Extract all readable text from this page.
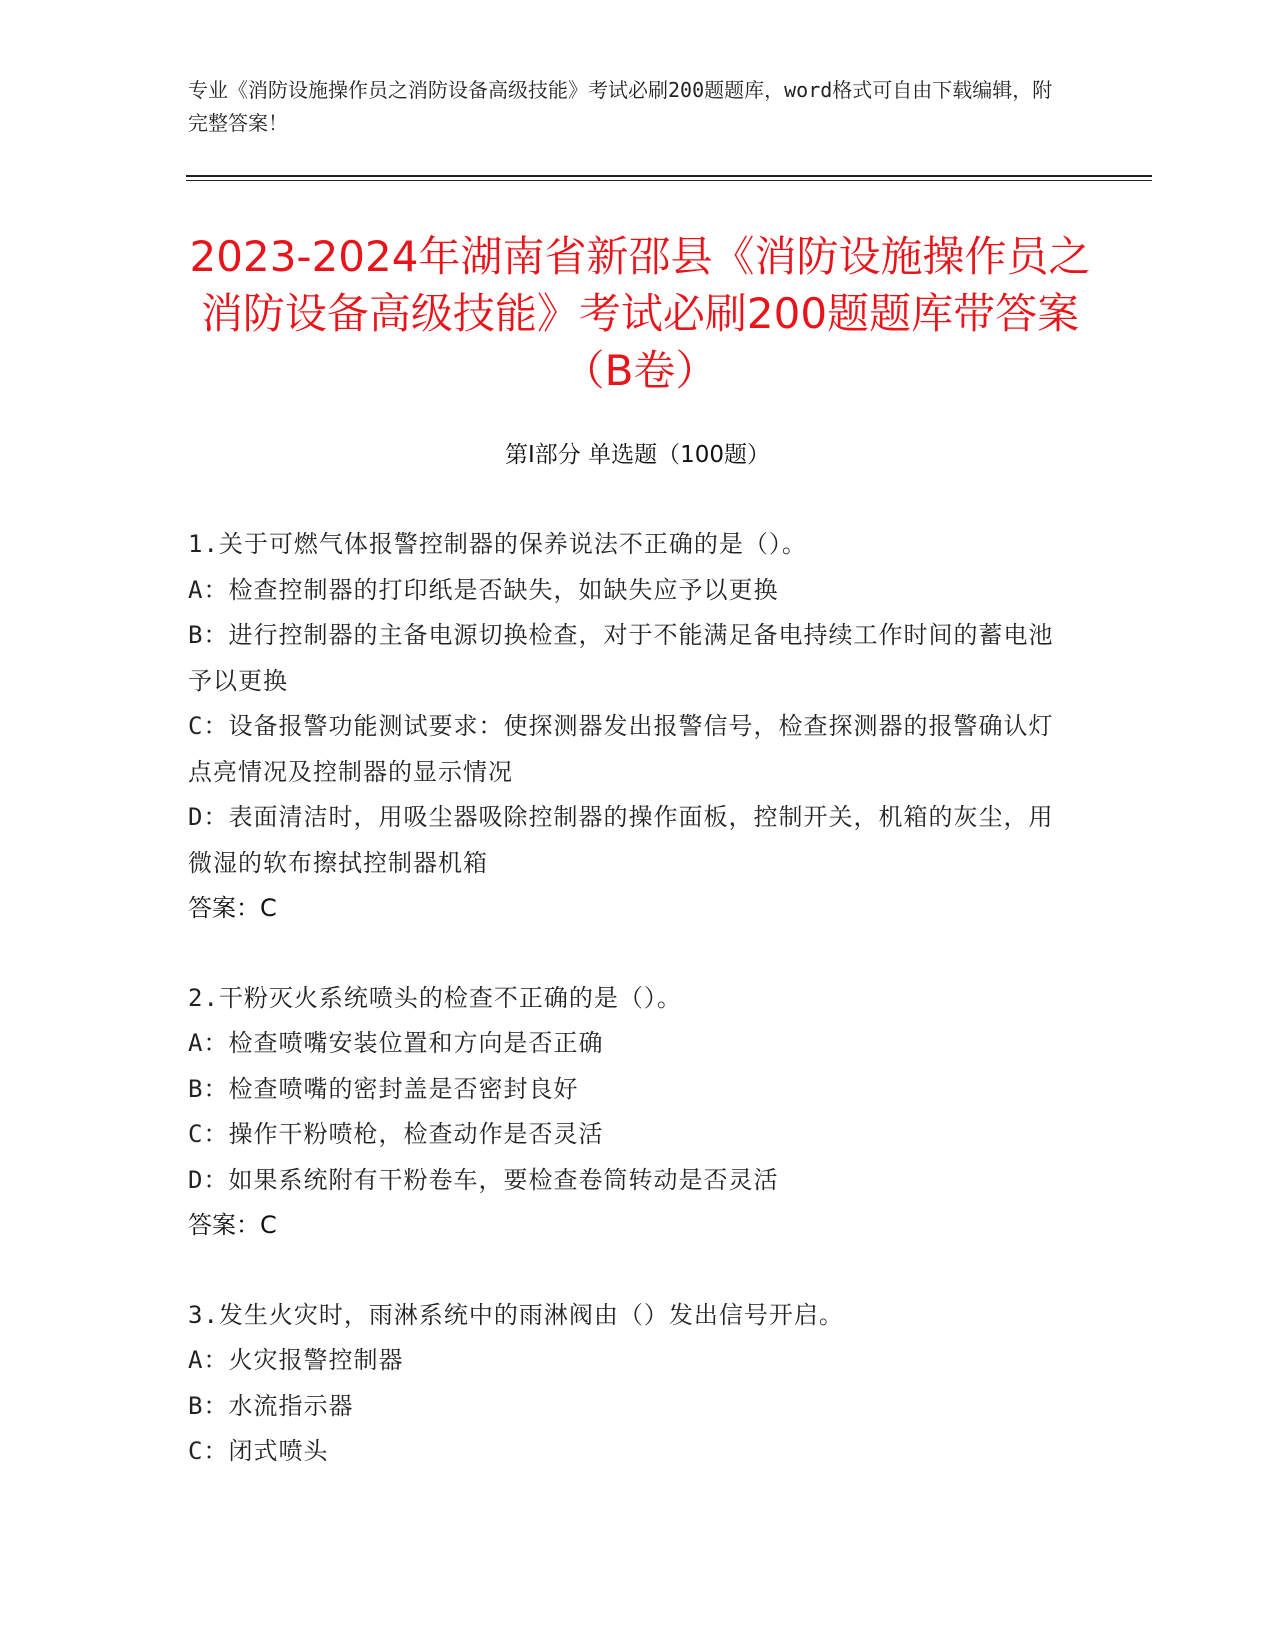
专业《消防设施操作员之消防设备高级技能》考试必刷200题题库，word格式可自由下载编辑，附完整答案！
2023-2024年湖南省新邵县《消防设施操作员之消防设备高级技能》考试必刷200题题库带答案（B卷）
第Ⅰ部分 单选题（100题）
1.关于可燃气体报警控制器的保养说法不正确的是（）。
A：检查控制器的打印纸是否缺失，如缺失应予以更换
B：进行控制器的主备电源切换检查，对于不能满足备电持续工作时间的蓄电池予以更换
C：设备报警功能测试要求：使探测器发出报警信号，检查探测器的报警确认灯点亮情况及控制器的显示情况
D：表面清洁时，用吸尘器吸除控制器的操作面板，控制开关，机箱的灰尘，用微湿的软布擦拭控制器机箱
答案：C
2.干粉灭火系统喷头的检查不正确的是（）。
A：检查喷嘴安装位置和方向是否正确
B：检查喷嘴的密封盖是否密封良好
C：操作干粉喷枪，检查动作是否灵活
D：如果系统附有干粉卷车，要检查卷筒转动是否灵活
答案：C
3.发生火灾时，雨淋系统中的雨淋阀由（）发出信号开启。
A：火灾报警控制器
B：水流指示器
C：闭式喷头
